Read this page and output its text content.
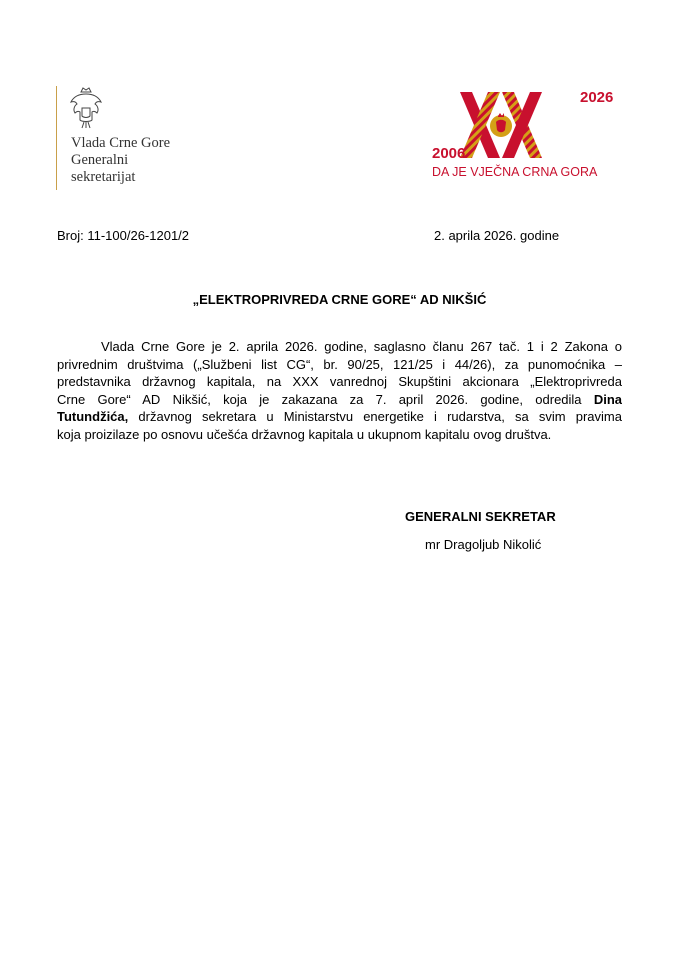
Vlada Crne Gore
Generalni
sekretarijat
2006
2026
DA JE VJEČNA CRNA GORA
Broj: 11-100/26-1201/2	2. aprila 2026. godine
„ELEKTROPRIVREDA CRNE GORE“ AD NIKŠIĆ
Vlada Crne Gore je 2. aprila 2026. godine, saglasno članu 267 tač. 1 i 2 Zakona o
privrednim društvima („Službeni list CG“, br. 90/25, 121/25 i 44/26), za punomoćnika –
predstavnika državnog kapitala, na XXX vanrednoj Skupštini akcionara „Elektroprivreda
Crne Gore“ AD Nikšić, koja je zakazana za 7. april 2026. godine, odredila Dina
Tutundžića, državnog sekretara u Ministarstvu energetike i rudarstva, sa svim pravima
koja proizilaze po osnovu učešća državnog kapitala u ukupnom kapitalu ovog društva.
GENERALNI SEKRETAR
mr Dragoljub Nikolić
